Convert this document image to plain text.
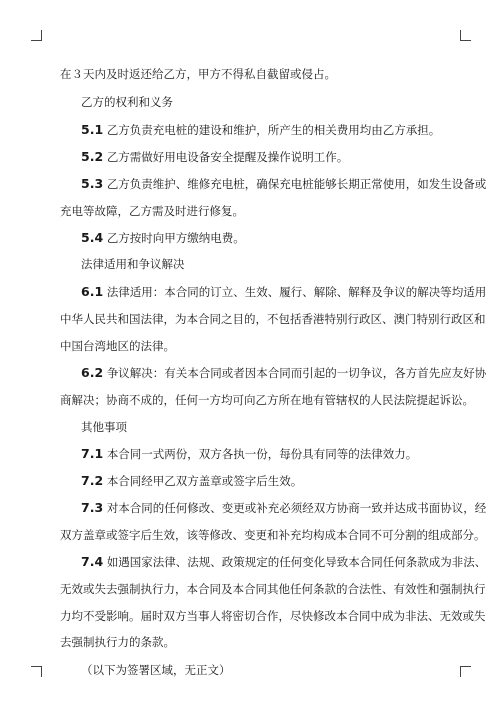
在３天内及时返还给乙方，甲方不得私自截留或侵占。
乙方的权利和义务
5.1 乙方负责充电桩的建设和维护，所产生的相关费用均由乙方承担。
5.2 乙方需做好用电设备安全提醒及操作说明工作。
5.3 乙方负责维护、维修充电桩，确保充电桩能够长期正常使用，如发生设备或
充电等故障，乙方需及时进行修复。
5.4 乙方按时向甲方缴纳电费。
法律适用和争议解决
6.1 法律适用：本合同的订立、生效、履行、解除、解释及争议的解决等均适用
中华人民共和国法律，为本合同之目的，不包括香港特别行政区、澳门特别行政区和
中国台湾地区的法律。
6.2 争议解决：有关本合同或者因本合同而引起的一切争议，各方首先应友好协
商解决；协商不成的，任何一方均可向乙方所在地有管辖权的人民法院提起诉讼。
其他事项
7.1 本合同一式两份，双方各执一份，每份具有同等的法律效力。
7.2 本合同经甲乙双方盖章或签字后生效。
7.3 对本合同的任何修改、变更或补充必须经双方协商一致并达成书面协议，经
双方盖章或签字后生效，该等修改、变更和补充均构成本合同不可分割的组成部分。
7.4 如遇国家法律、法规、政策规定的任何变化导致本合同任何条款成为非法、
无效或失去强制执行力，本合同及本合同其他任何条款的合法性、有效性和强制执行
力均不受影响。届时双方当事人将密切合作，尽快修改本合同中成为非法、无效或失
去强制执行力的条款。
（以下为签署区域，无正文）
